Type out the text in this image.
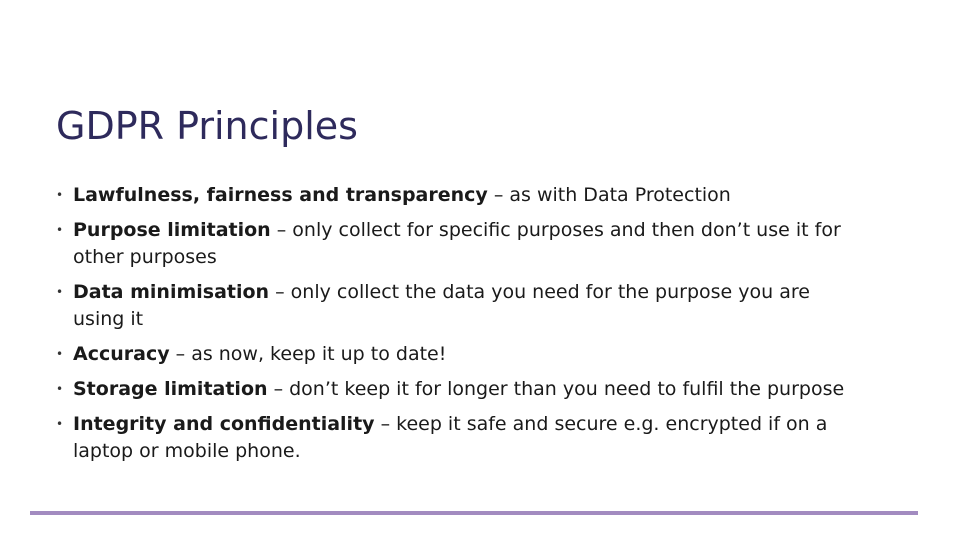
GDPR Principles
• Lawfulness, fairness and transparency – as with Data Protection
• Purpose limitation – only collect for specific purposes and then don’t use it for other purposes
• Data minimisation – only collect the data you need for the purpose you are using it
• Accuracy – as now, keep it up to date!
• Storage limitation – don’t keep it for longer than you need to fulfil the purpose
• Integrity and confidentiality – keep it safe and secure e.g. encrypted if on a laptop or mobile phone.
